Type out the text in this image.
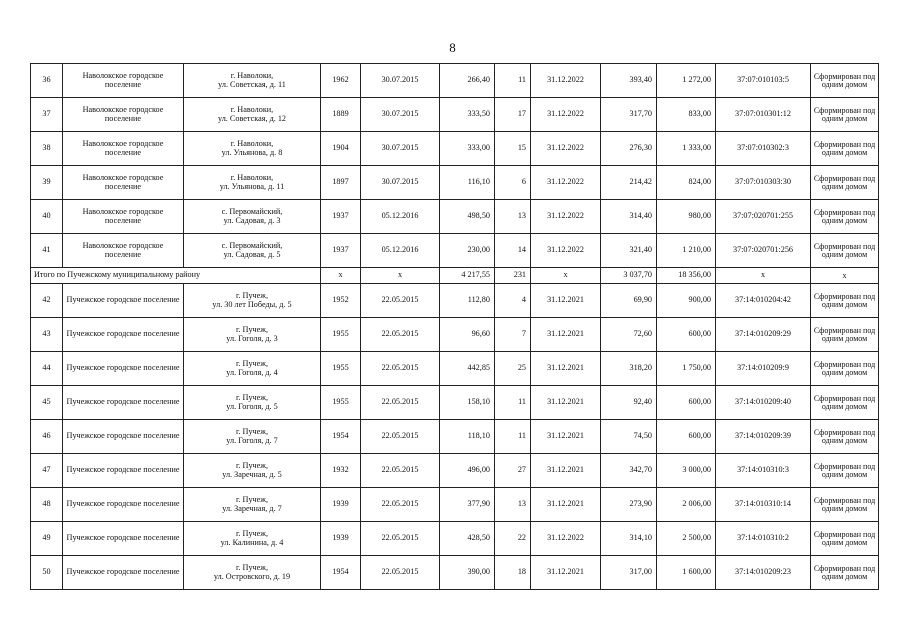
8
36	Наволокское городское поселение	г. Наволоки,
ул. Советская, д. 11	1962	30.07.2015	266,40	11	31.12.2022	393,40	1 272,00	37:07:010103:5	Сформирован под одним домом
37	Наволокское городское поселение	г. Наволоки,
ул. Советская, д. 12	1889	30.07.2015	333,50	17	31.12.2022	317,70	833,00	37:07:010301:12	Сформирован под одним домом
38	Наволокское городское поселение	г. Наволоки,
ул. Ульянова, д. 8	1904	30.07.2015	333,00	15	31.12.2022	276,30	1 333,00	37:07:010302:3	Сформирован под одним домом
39	Наволокское городское поселение	г. Наволоки,
ул. Ульянова, д. 11	1897	30.07.2015	116,10	6	31.12.2022	214,42	824,00	37:07:010303:30	Сформирован под одним домом
40	Наволокское городское поселение	с. Первомайский,
ул. Садовая, д. 3	1937	05.12.2016	498,50	13	31.12.2022	314,40	980,00	37:07:020701:255	Сформирован под одним домом
41	Наволокское городское поселение	с. Первомайский,
ул. Садовая, д. 5	1937	05.12.2016	230,00	14	31.12.2022	321,40	1 210,00	37:07:020701:256	Сформирован под одним домом
Итого по Пучежскому муниципальному району			x	x	4 217,55	231	x	3 037,70	18 356,00	x	x
42	Пучежское городское поселение	г. Пучеж,
ул. 30 лет Победы, д. 5	1952	22.05.2015	112,80	4	31.12.2021	69,90	900,00	37:14:010204:42	Сформирован под одним домом
43	Пучежское городское поселение	г. Пучеж,
ул. Гоголя, д. 3	1955	22.05.2015	96,60	7	31.12.2021	72,60	600,00	37:14:010209:29	Сформирован под одним домом
44	Пучежское городское поселение	г. Пучеж,
ул. Гоголя, д. 4	1955	22.05.2015	442,85	25	31.12.2021	318,20	1 750,00	37:14:010209:9	Сформирован под одним домом
45	Пучежское городское поселение	г. Пучеж,
ул. Гоголя, д. 5	1955	22.05.2015	158,10	11	31.12.2021	92,40	600,00	37:14:010209:40	Сформирован под одним домом
46	Пучежское городское поселение	г. Пучеж,
ул. Гоголя, д. 7	1954	22.05.2015	118,10	11	31.12.2021	74,50	600,00	37:14:010209:39	Сформирован под одним домом
47	Пучежское городское поселение	г. Пучеж,
ул. Заречная, д. 5	1932	22.05.2015	496,00	27	31.12.2021	342,70	3 000,00	37:14:010310:3	Сформирован под одним домом
48	Пучежское городское поселение	г. Пучеж,
ул. Заречная, д. 7	1939	22.05.2015	377,90	13	31.12.2021	273,90	2 006,00	37:14:010310:14	Сформирован под одним домом
49	Пучежское городское поселение	г. Пучеж,
ул. Калинина, д. 4	1939	22.05.2015	428,50	22	31.12.2022	314,10	2 500,00	37:14:010310:2	Сформирован под одним домом
50	Пучежское городское поселение	г. Пучеж,
ул. Островского, д. 19	1954	22.05.2015	390,00	18	31.12.2021	317,00	1 600,00	37:14:010209:23	Сформирован под одним домом
